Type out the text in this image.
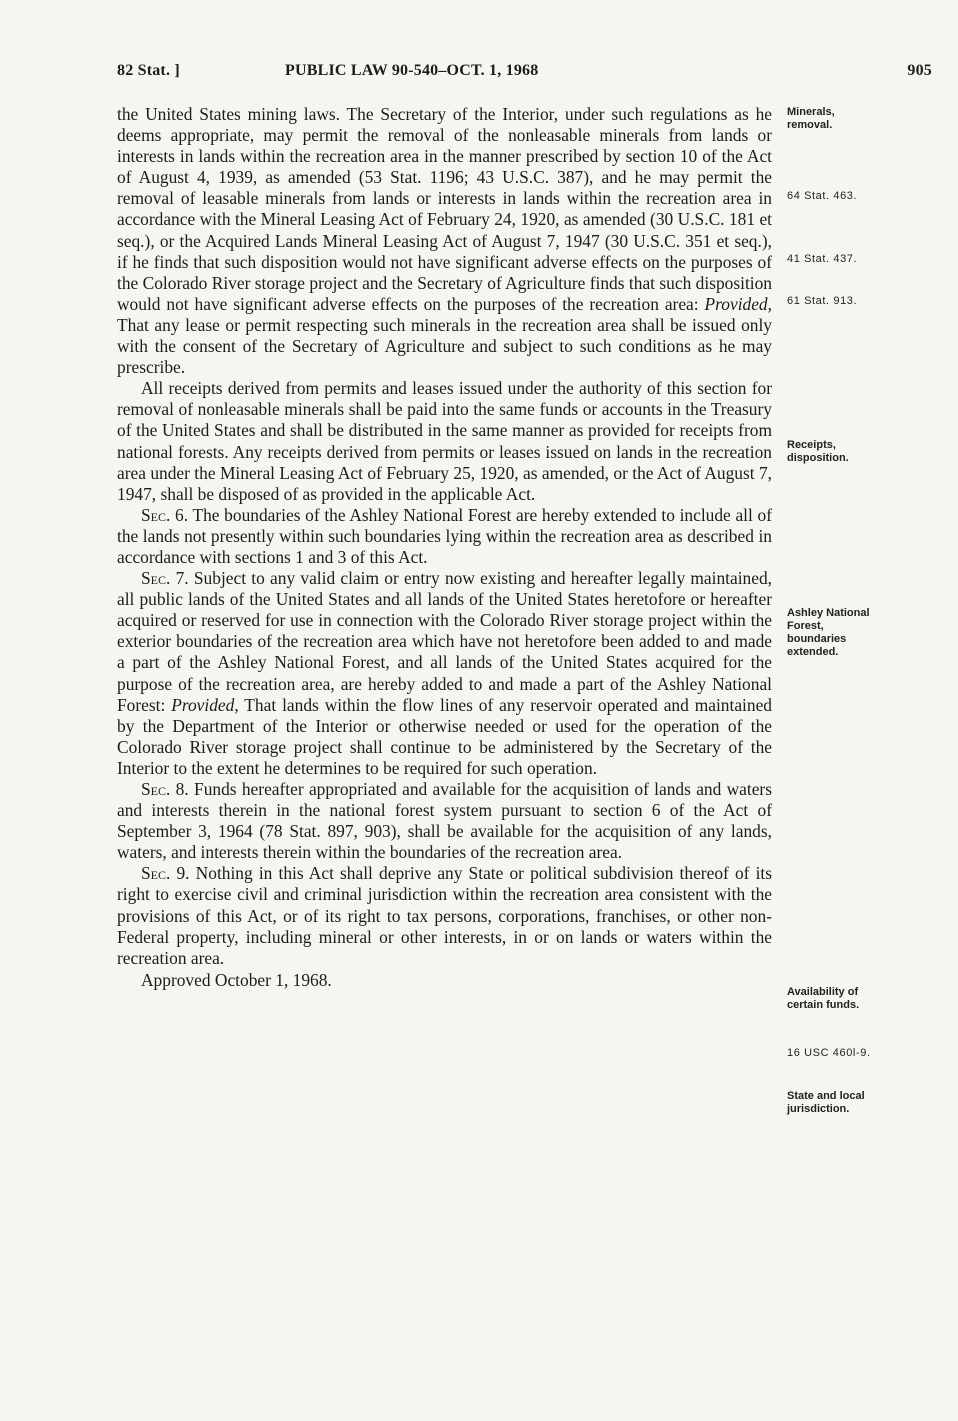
82 Stat. ]	PUBLIC LAW 90-540–OCT. 1, 1968	905

the United States mining laws. The Secretary of the Interior, under such regulations as he deems appropriate, may permit the removal of the nonleasable minerals from lands or interests in lands within the recreation area in the manner prescribed by section 10 of the Act of August 4, 1939, as amended (53 Stat. 1196; 43 U.S.C. 387), and he may permit the removal of leasable minerals from lands or interests in lands within the recreation area in accordance with the Mineral Leasing Act of February 24, 1920, as amended (30 U.S.C. 181 et seq.), or the Acquired Lands Mineral Leasing Act of August 7, 1947 (30 U.S.C. 351 et seq.), if he finds that such disposition would not have significant adverse effects on the purposes of the Colorado River storage project and the Secretary of Agriculture finds that such disposition would not have significant adverse effects on the purposes of the recreation area: Provided, That any lease or permit respecting such minerals in the recreation area shall be issued only with the consent of the Secretary of Agriculture and subject to such conditions as he may prescribe.

All receipts derived from permits and leases issued under the authority of this section for removal of nonleasable minerals shall be paid into the same funds or accounts in the Treasury of the United States and shall be distributed in the same manner as provided for receipts from national forests. Any receipts derived from permits or leases issued on lands in the recreation area under the Mineral Leasing Act of February 25, 1920, as amended, or the Act of August 7, 1947, shall be disposed of as provided in the applicable Act.

Sec. 6. The boundaries of the Ashley National Forest are hereby extended to include all of the lands not presently within such boundaries lying within the recreation area as described in accordance with sections 1 and 3 of this Act.

Sec. 7. Subject to any valid claim or entry now existing and hereafter legally maintained, all public lands of the United States and all lands of the United States heretofore or hereafter acquired or reserved for use in connection with the Colorado River storage project within the exterior boundaries of the recreation area which have not heretofore been added to and made a part of the Ashley National Forest, and all lands of the United States acquired for the purpose of the recreation area, are hereby added to and made a part of the Ashley National Forest: Provided, That lands within the flow lines of any reservoir operated and maintained by the Department of the Interior or otherwise needed or used for the operation of the Colorado River storage project shall continue to be administered by the Secretary of the Interior to the extent he determines to be required for such operation.

Sec. 8. Funds hereafter appropriated and available for the acquisition of lands and waters and interests therein in the national forest system pursuant to section 6 of the Act of September 3, 1964 (78 Stat. 897, 903), shall be available for the acquisition of any lands, waters, and interests therein within the boundaries of the recreation area.

Sec. 9. Nothing in this Act shall deprive any State or political subdivision thereof of its right to exercise civil and criminal jurisdiction within the recreation area consistent with the provisions of this Act, or of its right to tax persons, corporations, franchises, or other non-Federal property, including mineral or other interests, in or on lands or waters within the recreation area.

Approved October 1, 1968.

Minerals, removal.
64 Stat. 463.
41 Stat. 437.
61 Stat. 913.
Receipts, disposition.
Ashley National Forest, boundaries extended.
Availability of certain funds.
16 USC 460l-9.
State and local jurisdiction.
